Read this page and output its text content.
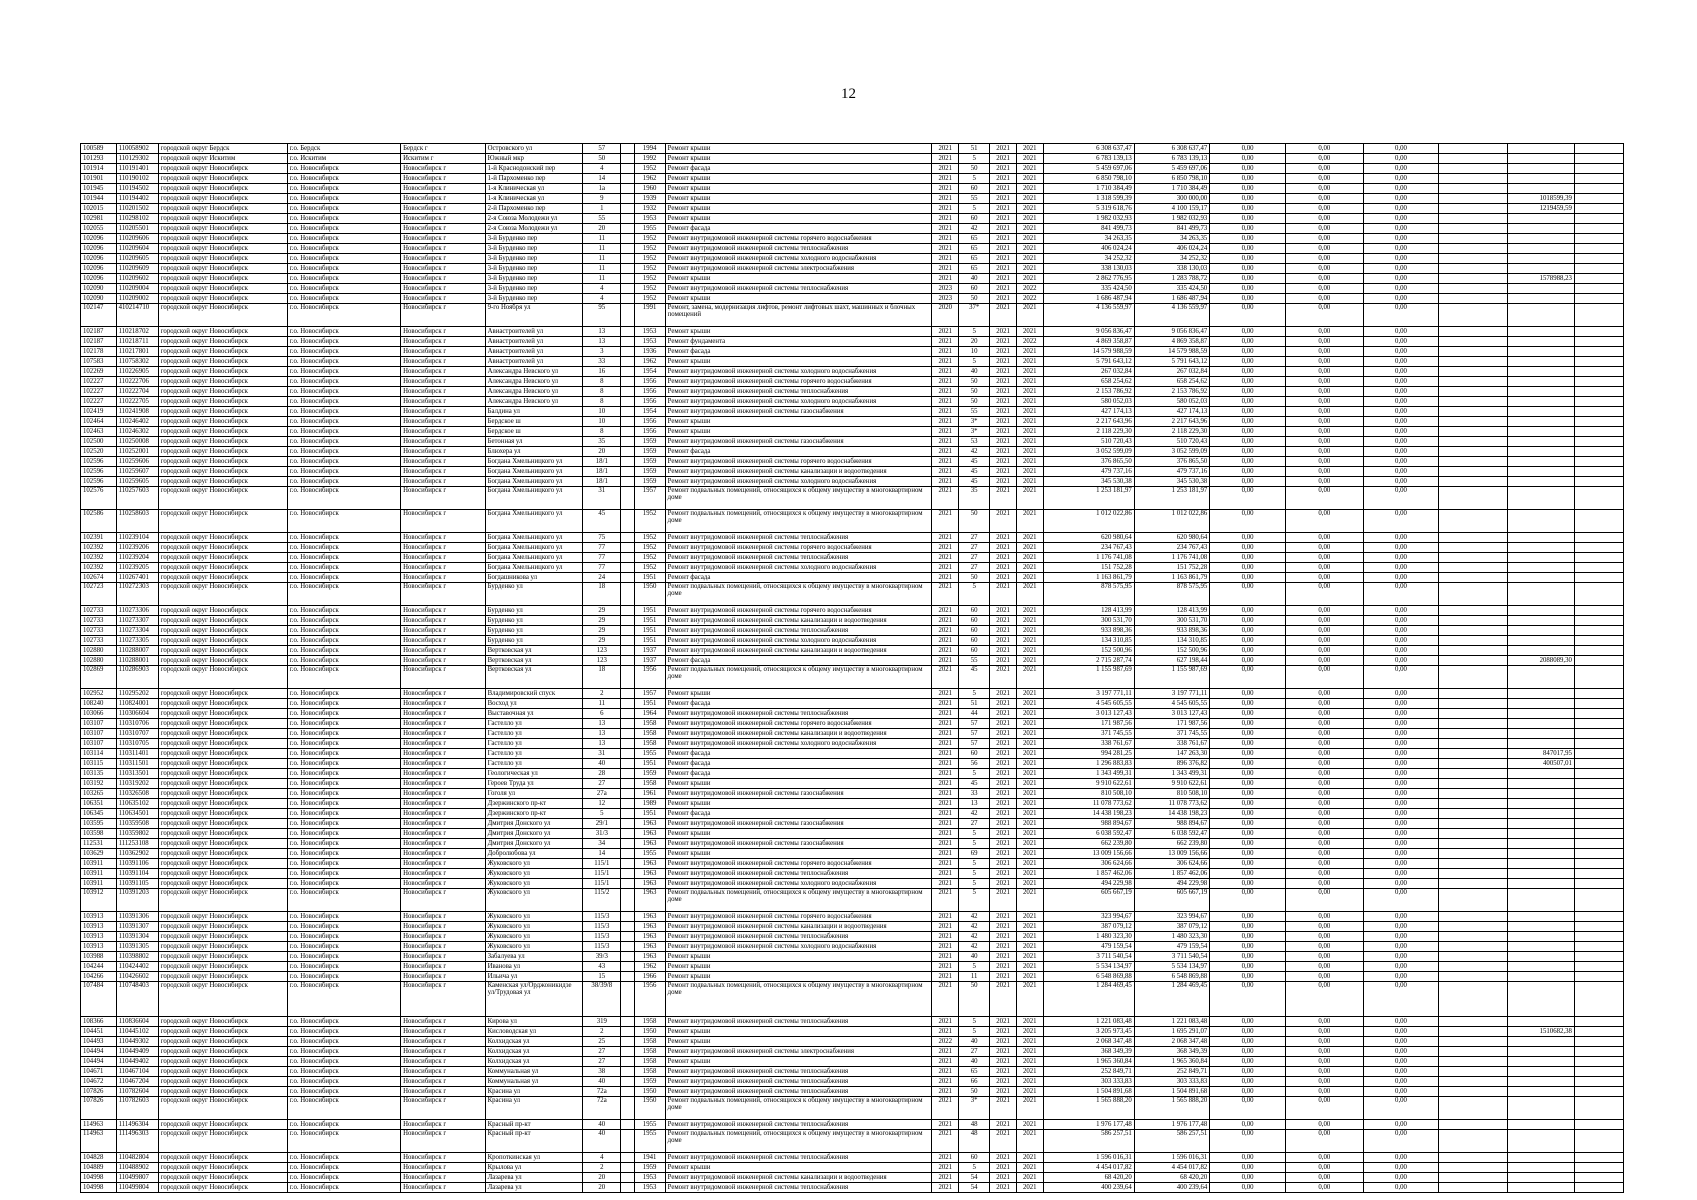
12
100589	110058902	городской округ Бердск	г.о. Бердск	Бердск г	Островского ул	57		1994	Ремонт крыши	2021	51	2021	2021	6 308 637,47	6 308 637,47	0,00	0,00	0,00			
101293	110129302	городской округ Искитим	г.о. Искитим	Искитим г	Южный мкр	50		1992	Ремонт крыши	2021	5	2021	2021	6 783 139,13	6 783 139,13	0,00	0,00	0,00			
101914	110191401	городской округ Новосибирск	г.о. Новосибирск	Новосибирск г	1-й Краснодонский пер	4		1952	Ремонт фасада	2021	50	2021	2021	5 459 697,06	5 459 697,06	0,00	0,00	0,00			
101901	110190102	городской округ Новосибирск	г.о. Новосибирск	Новосибирск г	1-й Пархоменко пер	14		1962	Ремонт крыши	2021	5	2021	2021	6 850 798,10	6 850 798,10	0,00	0,00	0,00			
101945	110194502	городской округ Новосибирск	г.о. Новосибирск	Новосибирск г	1-я Клиническая ул	1а		1960	Ремонт крыши	2021	60	2021	2021	1 710 384,49	1 710 384,49	0,00	0,00	0,00			
101944	110194402	городской округ Новосибирск	г.о. Новосибирск	Новосибирск г	1-я Клиническая ул	9		1939	Ремонт крыши	2021	55	2021	2021	1 318 599,39	300 000,00	0,00	0,00	0,00		1018599,39	
102015	110201502	городской округ Новосибирск	г.о. Новосибирск	Новосибирск г	2-й Пархоменко пер	1		1932	Ремонт крыши	2021	5	2021	2021	5 319 618,76	4 100 159,17	0,00	0,00	0,00		1219459,59	
102981	110298102	городской округ Новосибирск	г.о. Новосибирск	Новосибирск г	2-я Союза Молодежи ул	55		1953	Ремонт крыши	2021	60	2021	2021	1 982 032,93	1 982 032,93	0,00	0,00	0,00			
102055	110205501	городской округ Новосибирск	г.о. Новосибирск	Новосибирск г	2-я Союза Молодежи ул	20		1955	Ремонт фасада	2021	42	2021	2021	841 499,73	841 499,73	0,00	0,00	0,00			
102096	110209606	городской округ Новосибирск	г.о. Новосибирск	Новосибирск г	3-й Бурденко пер	11		1952	Ремонт внутридомовой инженерной системы горячего водоснабжения	2021	65	2021	2021	34 263,35	34 263,35	0,00	0,00	0,00			
102096	110209604	городской округ Новосибирск	г.о. Новосибирск	Новосибирск г	3-й Бурденко пер	11		1952	Ремонт внутридомовой инженерной системы теплоснабжения	2021	65	2021	2021	406 024,24	406 024,24	0,00	0,00	0,00			
102096	110209605	городской округ Новосибирск	г.о. Новосибирск	Новосибирск г	3-й Бурденко пер	11		1952	Ремонт внутридомовой инженерной системы холодного водоснабжения	2021	65	2021	2021	34 252,32	34 252,32	0,00	0,00	0,00			
102096	110209609	городской округ Новосибирск	г.о. Новосибирск	Новосибирск г	3-й Бурденко пер	11		1952	Ремонт внутридомовой инженерной системы электроснабжения	2021	65	2021	2021	338 130,03	338 130,03	0,00	0,00	0,00			
102096	110209602	городской округ Новосибирск	г.о. Новосибирск	Новосибирск г	3-й Бурденко пер	11		1952	Ремонт крыши	2021	40	2021	2021	2 862 776,95	1 283 788,72	0,00	0,00	0,00		1578988,23	
102090	110209004	городской округ Новосибирск	г.о. Новосибирск	Новосибирск г	3-й Бурденко пер	4		1952	Ремонт внутридомовой инженерной системы теплоснабжения	2023	60	2021	2022	335 424,50	335 424,50	0,00	0,00	0,00			
102090	110209002	городской округ Новосибирск	г.о. Новосибирск	Новосибирск г	3-й Бурденко пер	4		1952	Ремонт крыши	2023	50	2021	2022	1 686 487,94	1 686 487,94	0,00	0,00	0,00			
102147	410214710	городской округ Новосибирск	г.о. Новосибирск	Новосибирск г	9-го Ноября ул	95		1991	Ремонт, замена, модернизация лифтов, ремонт лифтовых шахт, машинных и блочных помещений	2020	37*	2021	2021	4 136 559,97	4 136 559,97	0,00	0,00	0,00			
102187	110218702	городской округ Новосибирск	г.о. Новосибирск	Новосибирск г	Авиастроителей ул	13		1953	Ремонт крыши	2021	5	2021	2021	9 056 836,47	9 056 836,47	0,00	0,00	0,00			
102187	110218711	городской округ Новосибирск	г.о. Новосибирск	Новосибирск г	Авиастроителей ул	13		1953	Ремонт фундамента	2021	20	2021	2022	4 869 358,87	4 869 358,87	0,00	0,00	0,00			
102178	110217801	городской округ Новосибирск	г.о. Новосибирск	Новосибирск г	Авиастроителей ул	3		1936	Ремонт фасада	2021	10	2021	2021	14 579 988,59	14 579 988,59	0,00	0,00	0,00			
107583	110758302	городской округ Новосибирск	г.о. Новосибирск	Новосибирск г	Авиастроителей ул	33		1962	Ремонт крыши	2021	5	2021	2021	5 791 643,12	5 791 643,12	0,00	0,00	0,00			
102269	110226905	городской округ Новосибирск	г.о. Новосибирск	Новосибирск г	Александра Невского ул	16		1954	Ремонт внутридомовой инженерной системы холодного водоснабжения	2021	40	2021	2021	267 032,84	267 032,84	0,00	0,00	0,00			
102227	110222706	городской округ Новосибирск	г.о. Новосибирск	Новосибирск г	Александра Невского ул	8		1956	Ремонт внутридомовой инженерной системы горячего водоснабжения	2021	50	2021	2021	658 254,62	658 254,62	0,00	0,00	0,00			
102227	110222704	городской округ Новосибирск	г.о. Новосибирск	Новосибирск г	Александра Невского ул	8		1956	Ремонт внутридомовой инженерной системы теплоснабжения	2021	50	2021	2021	2 153 786,92	2 153 786,92	0,00	0,00	0,00			
102227	110222705	городской округ Новосибирск	г.о. Новосибирск	Новосибирск г	Александра Невского ул	8		1956	Ремонт внутридомовой инженерной системы холодного водоснабжения	2021	50	2021	2021	580 052,03	580 052,03	0,00	0,00	0,00			
102419	110241908	городской округ Новосибирск	г.о. Новосибирск	Новосибирск г	Балдина ул	10		1954	Ремонт внутридомовой инженерной системы газоснабжения	2021	55	2021	2021	427 174,13	427 174,13	0,00	0,00	0,00			
102464	110246402	городской округ Новосибирск	г.о. Новосибирск	Новосибирск г	Бердское ш	10		1956	Ремонт крыши	2021	3*	2021	2021	2 217 643,96	2 217 643,96	0,00	0,00	0,00			
102463	110246302	городской округ Новосибирск	г.о. Новосибирск	Новосибирск г	Бердское ш	8		1956	Ремонт крыши	2021	3*	2021	2021	2 118 229,30	2 118 229,30	0,00	0,00	0,00			
102500	110250008	городской округ Новосибирск	г.о. Новосибирск	Новосибирск г	Бетонная ул	35		1959	Ремонт внутридомовой инженерной системы газоснабжения	2021	53	2021	2021	510 720,43	510 720,43	0,00	0,00	0,00			
102520	110252001	городской округ Новосибирск	г.о. Новосибирск	Новосибирск г	Блюхера ул	20		1959	Ремонт фасада	2021	42	2021	2021	3 052 599,09	3 052 599,09	0,00	0,00	0,00			
102596	110259606	городской округ Новосибирск	г.о. Новосибирск	Новосибирск г	Богдана Хмельницкого ул	18/1		1959	Ремонт внутридомовой инженерной системы горячего водоснабжения	2021	45	2021	2021	376 865,50	376 865,50	0,00	0,00	0,00			
102596	110259607	городской округ Новосибирск	г.о. Новосибирск	Новосибирск г	Богдана Хмельницкого ул	18/1		1959	Ремонт внутридомовой инженерной системы канализации и водоотведения	2021	45	2021	2021	479 737,16	479 737,16	0,00	0,00	0,00			
102596	110259605	городской округ Новосибирск	г.о. Новосибирск	Новосибирск г	Богдана Хмельницкого ул	18/1		1959	Ремонт внутридомовой инженерной системы холодного водоснабжения	2021	45	2021	2021	345 530,38	345 530,38	0,00	0,00	0,00			
102576	110257603	городской округ Новосибирск	г.о. Новосибирск	Новосибирск г	Богдана Хмельницкого ул	31		1957	Ремонт подвальных помещений, относящихся к общему имуществу в многоквартирном доме	2021	35	2021	2021	1 253 181,97	1 253 181,97	0,00	0,00	0,00			
102586	110258603	городской округ Новосибирск	г.о. Новосибирск	Новосибирск г	Богдана Хмельницкого ул	45		1952	Ремонт подвальных помещений, относящихся к общему имуществу в многоквартирном доме	2021	50	2021	2021	1 012 022,86	1 012 022,86	0,00	0,00	0,00			
102391	110239104	городской округ Новосибирск	г.о. Новосибирск	Новосибирск г	Богдана Хмельницкого ул	75		1952	Ремонт внутридомовой инженерной системы теплоснабжения	2021	27	2021	2021	620 980,64	620 980,64	0,00	0,00	0,00			
102392	110239206	городской округ Новосибирск	г.о. Новосибирск	Новосибирск г	Богдана Хмельницкого ул	77		1952	Ремонт внутридомовой инженерной системы горячего водоснабжения	2021	27	2021	2021	234 767,43	234 767,43	0,00	0,00	0,00			
102392	110239204	городской округ Новосибирск	г.о. Новосибирск	Новосибирск г	Богдана Хмельницкого ул	77		1952	Ремонт внутридомовой инженерной системы теплоснабжения	2021	27	2021	2021	1 176 741,08	1 176 741,08	0,00	0,00	0,00			
102392	110239205	городской округ Новосибирск	г.о. Новосибирск	Новосибирск г	Богдана Хмельницкого ул	77		1952	Ремонт внутридомовой инженерной системы холодного водоснабжения	2021	27	2021	2021	151 752,28	151 752,28	0,00	0,00	0,00			
102674	110267401	городской округ Новосибирск	г.о. Новосибирск	Новосибирск г	Богдашникова ул	24		1951	Ремонт фасада	2021	50	2021	2021	1 163 861,79	1 163 861,79	0,00	0,00	0,00			
102723	110272303	городской округ Новосибирск	г.о. Новосибирск	Новосибирск г	Бурденко ул	18		1950	Ремонт подвальных помещений, относящихся к общему имуществу в многоквартирном доме	2021	5	2021	2021	878 575,95	878 575,95	0,00	0,00	0,00			
102733	110273306	городской округ Новосибирск	г.о. Новосибирск	Новосибирск г	Бурденко ул	29		1951	Ремонт внутридомовой инженерной системы горячего водоснабжения	2021	60	2021	2021	128 413,99	128 413,99	0,00	0,00	0,00			
102733	110273307	городской округ Новосибирск	г.о. Новосибирск	Новосибирск г	Бурденко ул	29		1951	Ремонт внутридомовой инженерной системы канализации и водоотведения	2021	60	2021	2021	300 531,70	300 531,70	0,00	0,00	0,00			
102733	110273304	городской округ Новосибирск	г.о. Новосибирск	Новосибирск г	Бурденко ул	29		1951	Ремонт внутридомовой инженерной системы теплоснабжения	2021	60	2021	2021	933 898,36	933 898,36	0,00	0,00	0,00			
102733	110273305	городской округ Новосибирск	г.о. Новосибирск	Новосибирск г	Бурденко ул	29		1951	Ремонт внутридомовой инженерной системы холодного водоснабжения	2021	60	2021	2021	134 310,85	134 310,85	0,00	0,00	0,00			
102880	110288007	городской округ Новосибирск	г.о. Новосибирск	Новосибирск г	Вертковская ул	123		1937	Ремонт внутридомовой инженерной системы канализации и водоотведения	2021	60	2021	2021	152 500,96	152 500,96	0,00	0,00	0,00			
102880	110288001	городской округ Новосибирск	г.о. Новосибирск	Новосибирск г	Вертковская ул	123		1937	Ремонт фасада	2021	55	2021	2021	2 715 287,74	627 198,44	0,00	0,00	0,00		2088089,30	
102869	110286903	городской округ Новосибирск	г.о. Новосибирск	Новосибирск г	Вертковская ул	18		1956	Ремонт подвальных помещений, относящихся к общему имуществу в многоквартирном доме	2021	45	2021	2021	1 155 987,69	1 155 987,69	0,00	0,00	0,00			
102952	110295202	городской округ Новосибирск	г.о. Новосибирск	Новосибирск г	Владимировский спуск	2		1957	Ремонт крыши	2021	5	2021	2021	3 197 771,11	3 197 771,11	0,00	0,00	0,00			
108240	110824001	городской округ Новосибирск	г.о. Новосибирск	Новосибирск г	Восход ул	11		1951	Ремонт фасада	2021	51	2021	2021	4 545 605,55	4 545 605,55	0,00	0,00	0,00			
103066	110306604	городской округ Новосибирск	г.о. Новосибирск	Новосибирск г	Выставочная ул	6		1964	Ремонт внутридомовой инженерной системы теплоснабжения	2021	44	2021	2021	3 013 127,43	3 013 127,43	0,00	0,00	0,00			
103107	110310706	городской округ Новосибирск	г.о. Новосибирск	Новосибирск г	Гастелло ул	13		1958	Ремонт внутридомовой инженерной системы горячего водоснабжения	2021	57	2021	2021	171 987,56	171 987,56	0,00	0,00	0,00			
103107	110310707	городской округ Новосибирск	г.о. Новосибирск	Новосибирск г	Гастелло ул	13		1958	Ремонт внутридомовой инженерной системы канализации и водоотведения	2021	57	2021	2021	371 745,55	371 745,55	0,00	0,00	0,00			
103107	110310705	городской округ Новосибирск	г.о. Новосибирск	Новосибирск г	Гастелло ул	13		1958	Ремонт внутридомовой инженерной системы холодного водоснабжения	2021	57	2021	2021	338 761,67	338 761,67	0,00	0,00	0,00			
103114	110311401	городской округ Новосибирск	г.о. Новосибирск	Новосибирск г	Гастелло ул	31		1955	Ремонт фасада	2021	60	2021	2021	994 281,25	147 263,30	0,00	0,00	0,00		847017,95	
103115	110311501	городской округ Новосибирск	г.о. Новосибирск	Новосибирск г	Гастелло ул	40		1951	Ремонт фасада	2021	56	2021	2021	1 296 883,83	896 376,82	0,00	0,00	0,00		400507,01	
103135	110313501	городской округ Новосибирск	г.о. Новосибирск	Новосибирск г	Геологическая ул	28		1959	Ремонт фасада	2021	5	2021	2021	1 343 499,31	1 343 499,31	0,00	0,00	0,00			
103192	110319202	городской округ Новосибирск	г.о. Новосибирск	Новосибирск г	Героев Труда ул	27		1958	Ремонт крыши	2021	45	2021	2021	9 910 622,61	9 910 622,61	0,00	0,00	0,00			
103265	110326508	городской округ Новосибирск	г.о. Новосибирск	Новосибирск г	Гоголя ул	27а		1961	Ремонт внутридомовой инженерной системы газоснабжения	2021	33	2021	2021	810 508,10	810 508,10	0,00	0,00	0,00			
106351	110635102	городской округ Новосибирск	г.о. Новосибирск	Новосибирск г	Дзержинского пр-кт	12		1989	Ремонт крыши	2021	13	2021	2021	11 078 773,62	11 078 773,62	0,00	0,00	0,00			
106345	110634501	городской округ Новосибирск	г.о. Новосибирск	Новосибирск г	Дзержинского пр-кт	5		1951	Ремонт фасада	2021	42	2021	2021	14 438 198,23	14 438 198,23	0,00	0,00	0,00			
103595	110359508	городской округ Новосибирск	г.о. Новосибирск	Новосибирск г	Дмитрия Донского ул	29/1		1963	Ремонт внутридомовой инженерной системы газоснабжения	2021	27	2021	2021	988 894,67	988 894,67	0,00	0,00	0,00			
103598	110359802	городской округ Новосибирск	г.о. Новосибирск	Новосибирск г	Дмитрия Донского ул	31/3		1963	Ремонт крыши	2021	5	2021	2021	6 038 592,47	6 038 592,47	0,00	0,00	0,00			
112531	111253108	городской округ Новосибирск	г.о. Новосибирск	Новосибирск г	Дмитрия Донского ул	34		1963	Ремонт внутридомовой инженерной системы газоснабжения	2021	5	2021	2021	662 239,80	662 239,80	0,00	0,00	0,00			
103629	110362902	городской округ Новосибирск	г.о. Новосибирск	Новосибирск г	Добролюбова ул	14		1955	Ремонт крыши	2021	69	2021	2021	13 009 156,66	13 009 156,66	0,00	0,00	0,00			
103911	110391106	городской округ Новосибирск	г.о. Новосибирск	Новосибирск г	Жуковского ул	115/1		1963	Ремонт внутридомовой инженерной системы горячего водоснабжения	2021	5	2021	2021	306 624,66	306 624,66	0,00	0,00	0,00			
103911	110391104	городской округ Новосибирск	г.о. Новосибирск	Новосибирск г	Жуковского ул	115/1		1963	Ремонт внутридомовой инженерной системы теплоснабжения	2021	5	2021	2021	1 857 462,06	1 857 462,06	0,00	0,00	0,00			
103911	110391105	городской округ Новосибирск	г.о. Новосибирск	Новосибирск г	Жуковского ул	115/1		1963	Ремонт внутридомовой инженерной системы холодного водоснабжения	2021	5	2021	2021	494 229,98	494 229,98	0,00	0,00	0,00			
103912	110391203	городской округ Новосибирск	г.о. Новосибирск	Новосибирск г	Жуковского ул	115/2		1963	Ремонт подвальных помещений, относящихся к общему имуществу в многоквартирном доме	2021	5	2021	2021	605 667,19	605 667,19	0,00	0,00	0,00			
103913	110391306	городской округ Новосибирск	г.о. Новосибирск	Новосибирск г	Жуковского ул	115/3		1963	Ремонт внутридомовой инженерной системы горячего водоснабжения	2021	42	2021	2021	323 994,67	323 994,67	0,00	0,00	0,00			
103913	110391307	городской округ Новосибирск	г.о. Новосибирск	Новосибирск г	Жуковского ул	115/3		1963	Ремонт внутридомовой инженерной системы канализации и водоотведения	2021	42	2021	2021	387 079,12	387 079,12	0,00	0,00	0,00			
103913	110391304	городской округ Новосибирск	г.о. Новосибирск	Новосибирск г	Жуковского ул	115/3		1963	Ремонт внутридомовой инженерной системы теплоснабжения	2021	42	2021	2021	1 480 323,30	1 480 323,30	0,00	0,00	0,00			
103913	110391305	городской округ Новосибирск	г.о. Новосибирск	Новосибирск г	Жуковского ул	115/3		1963	Ремонт внутридомовой инженерной системы холодного водоснабжения	2021	42	2021	2021	479 159,54	479 159,54	0,00	0,00	0,00			
103988	110398802	городской округ Новосибирск	г.о. Новосибирск	Новосибирск г	Забалуева ул	39/3		1963	Ремонт крыши	2021	40	2021	2021	3 711 540,54	3 711 540,54	0,00	0,00	0,00			
104244	110424402	городской округ Новосибирск	г.о. Новосибирск	Новосибирск г	Иванова ул	43		1962	Ремонт крыши	2021	5	2021	2021	5 534 134,97	5 534 134,97	0,00	0,00	0,00			
104266	110426602	городской округ Новосибирск	г.о. Новосибирск	Новосибирск г	Ильича ул	15		1966	Ремонт крыши	2021	11	2021	2021	6 548 869,88	6 548 869,88	0,00	0,00	0,00			
107484	110748403	городской округ Новосибирск	г.о. Новосибирск	Новосибирск г	Каменская ул/Орджоникидзе ул/Трудовая ул	38/39/8		1956	Ремонт подвальных помещений, относящихся к общему имуществу в многоквартирном доме	2021	50	2021	2021	1 284 469,45	1 284 469,45	0,00	0,00	0,00			
108366	110836604	городской округ Новосибирск	г.о. Новосибирск	Новосибирск г	Кирова ул	319		1958	Ремонт внутридомовой инженерной системы теплоснабжения	2021	5	2021	2021	1 221 083,48	1 221 083,48	0,00	0,00	0,00			
104451	110445102	городской округ Новосибирск	г.о. Новосибирск	Новосибирск г	Кисловодская ул	2		1950	Ремонт крыши	2021	5	2021	2021	3 205 973,45	1 695 291,07	0,00	0,00	0,00		1510682,38	
104493	110449302	городской округ Новосибирск	г.о. Новосибирск	Новосибирск г	Колхидская ул	25		1958	Ремонт крыши	2022	40	2021	2021	2 068 347,48	2 068 347,48	0,00	0,00	0,00			
104494	110449409	городской округ Новосибирск	г.о. Новосибирск	Новосибирск г	Колхидская ул	27		1958	Ремонт внутридомовой инженерной системы электроснабжения	2021	27	2021	2021	368 349,39	368 349,39	0,00	0,00	0,00			
104494	110449402	городской округ Новосибирск	г.о. Новосибирск	Новосибирск г	Колхидская ул	27		1958	Ремонт крыши	2021	40	2021	2021	1 965 360,84	1 965 360,84	0,00	0,00	0,00			
104671	110467104	городской округ Новосибирск	г.о. Новосибирск	Новосибирск г	Коммунальная ул	38		1958	Ремонт внутридомовой инженерной системы теплоснабжения	2021	65	2021	2021	252 849,71	252 849,71	0,00	0,00	0,00			
104672	110467204	городской округ Новосибирск	г.о. Новосибирск	Новосибирск г	Коммунальная ул	40		1959	Ремонт внутридомовой инженерной системы теплоснабжения	2021	66	2021	2021	303 333,83	303 333,83	0,00	0,00	0,00			
107826	110782604	городской округ Новосибирск	г.о. Новосибирск	Новосибирск г	Красина ул	72а		1950	Ремонт внутридомовой инженерной системы теплоснабжения	2021	50	2021	2021	1 504 891,68	1 504 891,68	0,00	0,00	0,00			
107826	110782603	городской округ Новосибирск	г.о. Новосибирск	Новосибирск г	Красина ул	72а		1950	Ремонт подвальных помещений, относящихся к общему имуществу в многоквартирном доме	2021	3*	2021	2021	1 565 888,20	1 565 888,20	0,00	0,00	0,00			
114963	111496304	городской округ Новосибирск	г.о. Новосибирск	Новосибирск г	Красный пр-кт	40		1955	Ремонт внутридомовой инженерной системы теплоснабжения	2021	48	2021	2021	1 976 177,48	1 976 177,48	0,00	0,00	0,00			
114963	111496303	городской округ Новосибирск	г.о. Новосибирск	Новосибирск г	Красный пр-кт	40		1955	Ремонт подвальных помещений, относящихся к общему имуществу в многоквартирном доме	2021	48	2021	2021	586 257,51	586 257,51	0,00	0,00	0,00			
104828	110482804	городской округ Новосибирск	г.о. Новосибирск	Новосибирск г	Кропоткинская ул	4		1941	Ремонт внутридомовой инженерной системы теплоснабжения	2021	60	2021	2021	1 596 016,31	1 596 016,31	0,00	0,00	0,00			
104889	110488902	городской округ Новосибирск	г.о. Новосибирск	Новосибирск г	Крылова ул	2		1959	Ремонт крыши	2021	5	2021	2021	4 454 017,82	4 454 017,82	0,00	0,00	0,00			
104998	110499807	городской округ Новосибирск	г.о. Новосибирск	Новосибирск г	Лазарева ул	20		1953	Ремонт внутридомовой инженерной системы канализации и водоотведения	2021	54	2021	2021	68 420,20	68 420,20	0,00	0,00	0,00			
104998	110499804	городской округ Новосибирск	г.о. Новосибирск	Новосибирск г	Лазарева ул	20		1953	Ремонт внутридомовой инженерной системы теплоснабжения	2021	54	2021	2021	400 239,64	400 239,64	0,00	0,00	0,00			
